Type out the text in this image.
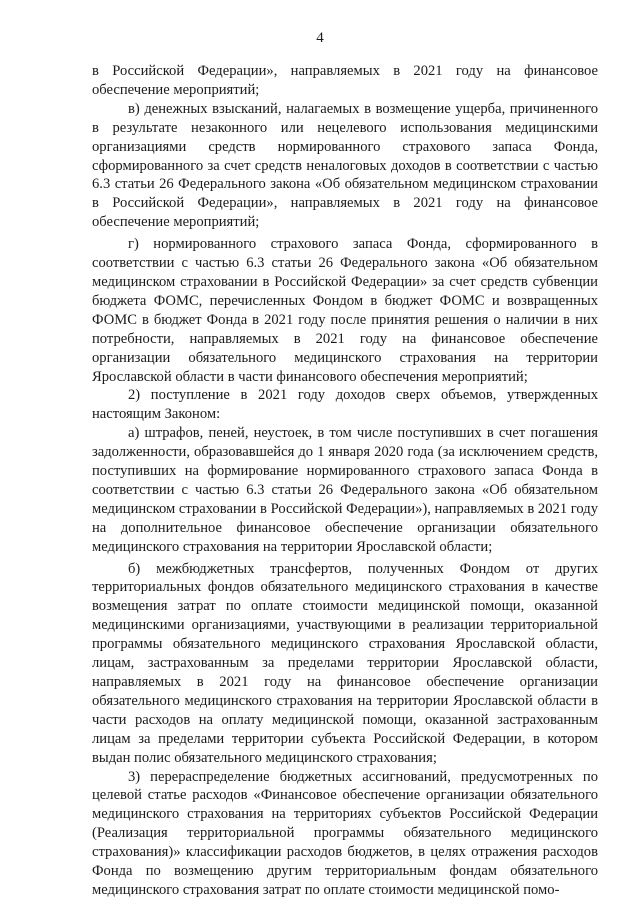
4

в Российской Федерации», направляемых в 2021 году на финансовое обеспечение мероприятий;

в) денежных взысканий, налагаемых в возмещение ущерба, причиненного в результате незаконного или нецелевого использования медицинскими организациями средств нормированного страхового запаса Фонда, сформированного за счет средств неналоговых доходов в соответствии с частью 6.3 статьи 26 Федерального закона «Об обязательном медицинском страховании в Российской Федерации», направляемых в 2021 году на финансовое обеспечение мероприятий;

г) нормированного страхового запаса Фонда, сформированного в соответствии с частью 6.3 статьи 26 Федерального закона «Об обязательном медицинском страховании в Российской Федерации» за счет средств субвенции бюджета ФОМС, перечисленных Фондом в бюджет ФОМС и возвращенных ФОМС в бюджет Фонда в 2021 году после принятия решения о наличии в них потребности, направляемых в 2021 году на финансовое обеспечение организации обязательного медицинского страхования на территории Ярославской области в части финансового обеспечения мероприятий;

2) поступление в 2021 году доходов сверх объемов, утвержденных настоящим Законом:

а) штрафов, пеней, неустоек, в том числе поступивших в счет погашения задолженности, образовавшейся до 1 января 2020 года (за исключением средств, поступивших на формирование нормированного страхового запаса Фонда в соответствии с частью 6.3 статьи 26 Федерального закона «Об обязательном медицинском страховании в Российской Федерации»), направляемых в 2021 году на дополнительное финансовое обеспечение организации обязательного медицинского страхования на территории Ярославской области;

б) межбюджетных трансфертов, полученных Фондом от других территориальных фондов обязательного медицинского страхования в качестве возмещения затрат по оплате стоимости медицинской помощи, оказанной медицинскими организациями, участвующими в реализации территориальной программы обязательного медицинского страхования Ярославской области, лицам, застрахованным за пределами территории Ярославской области, направляемых в 2021 году на финансовое обеспечение организации обязательного медицинского страхования на территории Ярославской области в части расходов на оплату медицинской помощи, оказанной застрахованным лицам за пределами территории субъекта Российской Федерации, в котором выдан полис обязательного медицинского страхования;

3) перераспределение бюджетных ассигнований, предусмотренных по целевой статье расходов «Финансовое обеспечение организации обязательного медицинского страхования на территориях субъектов Российской Федерации (Реализация территориальной программы обязательного медицинского страхования)» классификации расходов бюджетов, в целях отражения расходов Фонда по возмещению другим территориальным фондам обязательного медицинского страхования затрат по оплате стоимости медицинской помо-
